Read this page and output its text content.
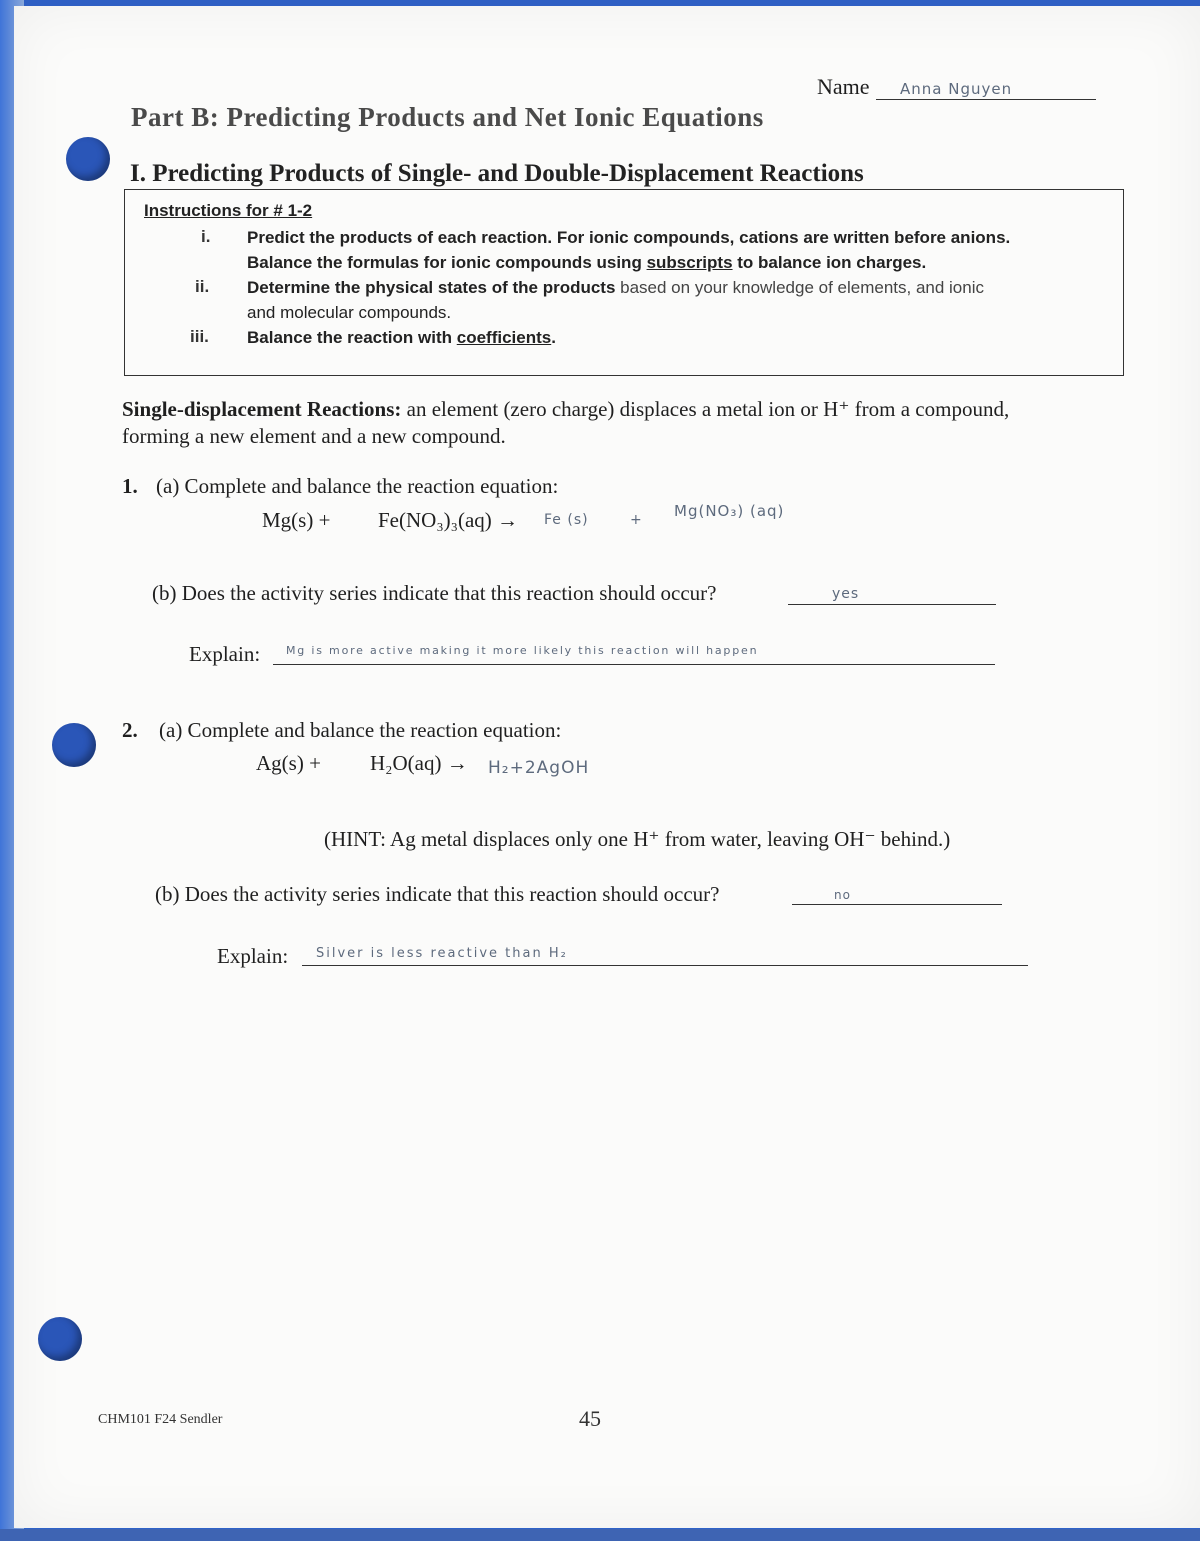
Name Anna Nguyen
Part B: Predicting Products and Net Ionic Equations
I. Predicting Products of Single- and Double-Displacement Reactions
Instructions for # 1-2
i. Predict the products of each reaction. For ionic compounds, cations are written before anions.
Balance the formulas for ionic compounds using subscripts to balance ion charges.
ii. Determine the physical states of the products based on your knowledge of elements, and ionic
and molecular compounds.
iii. Balance the reaction with coefficients.
Single-displacement Reactions: an element (zero charge) displaces a metal ion or H⁺ from a compound, forming a new element and a new compound.
1. (a) Complete and balance the reaction equation:
Mg(s) + Fe(NO₃)₃(aq) → Fe (s)	+ Mg(NO₃) (aq)
(b) Does the activity series indicate that this reaction should occur?	yes
Explain: Mg is more active making it more likely this reaction will happen
2. (a) Complete and balance the reaction equation:
Ag(s) + H₂O(aq) → H₂+2AgOH
(HINT: Ag metal displaces only one H⁺ from water, leaving OH⁻ behind.)
(b) Does the activity series indicate that this reaction should occur?	no
Explain: Silver is less reactive than H₂
CHM101 F24 Sendler	45
